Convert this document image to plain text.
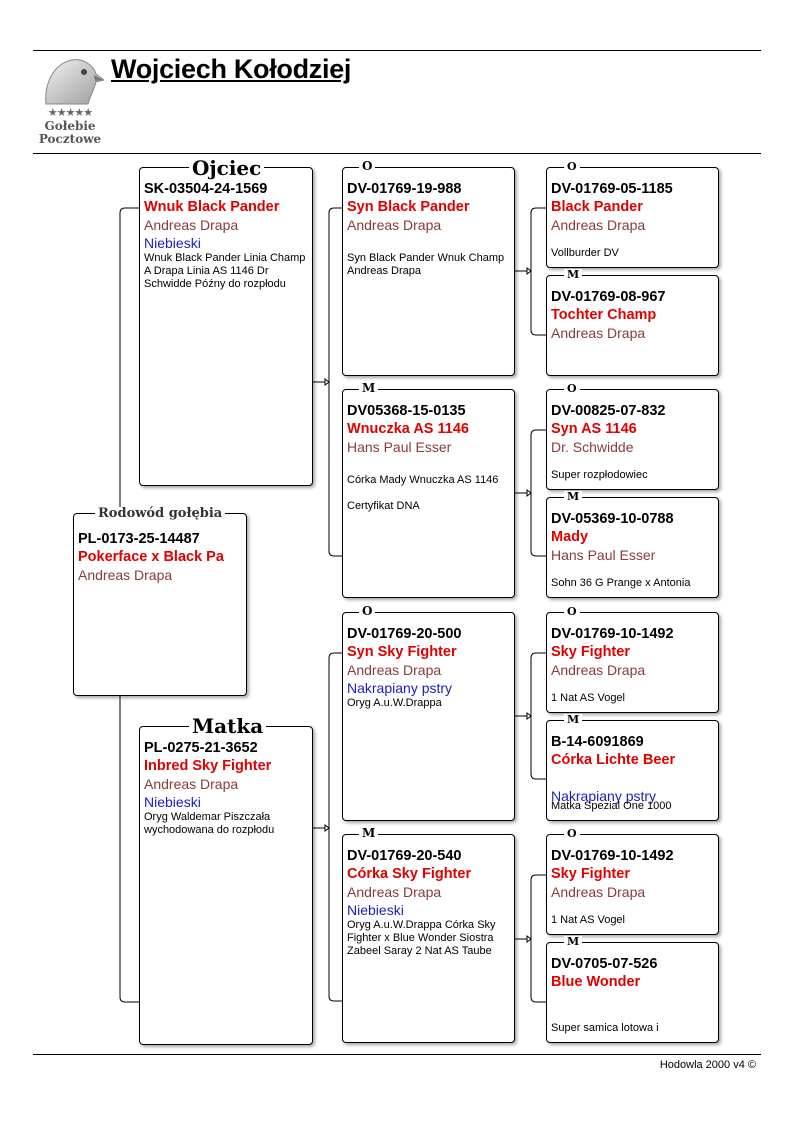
★★★★★
Gołebie
Pocztowe
Wojciech Kołodziej
PL-0173-25-14487
Pokerface x Black Pa
Andreas Drapa
Rodowód gołębia
SK-03504-24-1569
Wnuk Black Pander
Andreas Drapa
Niebieski
Wnuk Black Pander Linia Champ A Drapa Linia AS 1146 Dr Schwidde Późny do rozpłodu
Ojciec
PL-0275-21-3652
Inbred Sky Fighter
Andreas Drapa
Niebieski
Oryg Waldemar Piszczała wychodowana do rozpłodu
Matka
DV-01769-19-988
Syn Black Pander
Andreas Drapa
Syn Black Pander Wnuk Champ Andreas Drapa
O
DV05368-15-0135
Wnuczka AS 1146
Hans Paul Esser
Córka Mady Wnuczka AS 1146
Certyfikat DNA
M
DV-01769-20-500
Syn Sky Fighter
Andreas Drapa
Nakrapiany pstry
Oryg A.u.W.Drappa
O
DV-01769-20-540
Córka Sky Fighter
Andreas Drapa
Niebieski
Oryg A.u.W.Drappa Córka Sky Fighter x Blue Wonder Siostra Zabeel Saray 2 Nat AS Taube
M
DV-01769-05-1185
Black Pander
Andreas Drapa
Vollburder DV
O
DV-01769-08-967
Tochter Champ
Andreas Drapa
M
DV-00825-07-832
Syn AS 1146
Dr. Schwidde
Super rozpłodowiec
O
DV-05369-10-0788
Mady
Hans Paul Esser
Sohn 36 G Prange x Antonia
M
DV-01769-10-1492
Sky Fighter
Andreas Drapa
1 Nat AS Vogel
O
B-14-6091869
Córka Lichte Beer
Nakrapiany pstry
Matka Spezial One 1000
M
DV-01769-10-1492
Sky Fighter
Andreas Drapa
1 Nat AS Vogel
O
DV-0705-07-526
Blue Wonder
Super samica lotowa i
M
Hodowla 2000 v4 ©
